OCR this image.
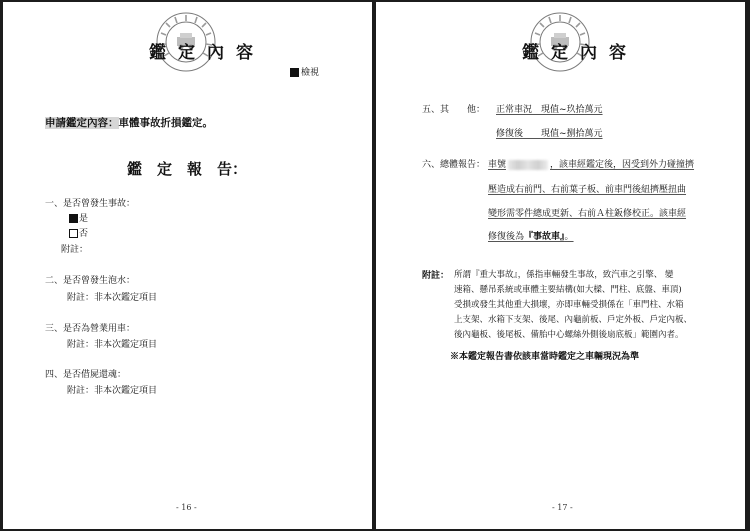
鑑定內容
檢視
申請鑑定內容：車體事故折損鑑定。
鑑　定　報　告：
一、是否曾發生事故：
是
否
附註：
二、是否曾發生泡水：
附註：非本次鑑定項目
三、是否為營業用車：
附註：非本次鑑定項目
四、是否借屍還魂：
附註：非本次鑑定項目
- 16 -
鑑定內容
五、其　　他： 正常車況　現值~玖拾萬元
修復後　　現值~捌拾萬元
六、總體報告： 車號	，該車經鑑定後，因受到外力碰撞擠
壓造成右前門、右前葉子板、前車門後紐擠壓扭曲
變形需零件總成更新、右前Ａ柱鈑修校正。該車經
修復後為『事故車』。
附註： 所謂『重大事故』，係指車輛發生事故，致汽車之引擎、 變
速箱、懸吊系統或車體主要結構(如大樑、門柱、底盤、車頂)
受損或發生其他重大損壞，亦即車輛受損係在「車門柱、水箱
上支架、水箱下支架、後尾、內龜前板、戶定外板、戶定內板、
後內龜板、後尾板、備胎中心螺絲外側後扇底板」範圍內者。
※本鑑定報告書依該車當時鑑定之車輛現況為準
- 17 -
